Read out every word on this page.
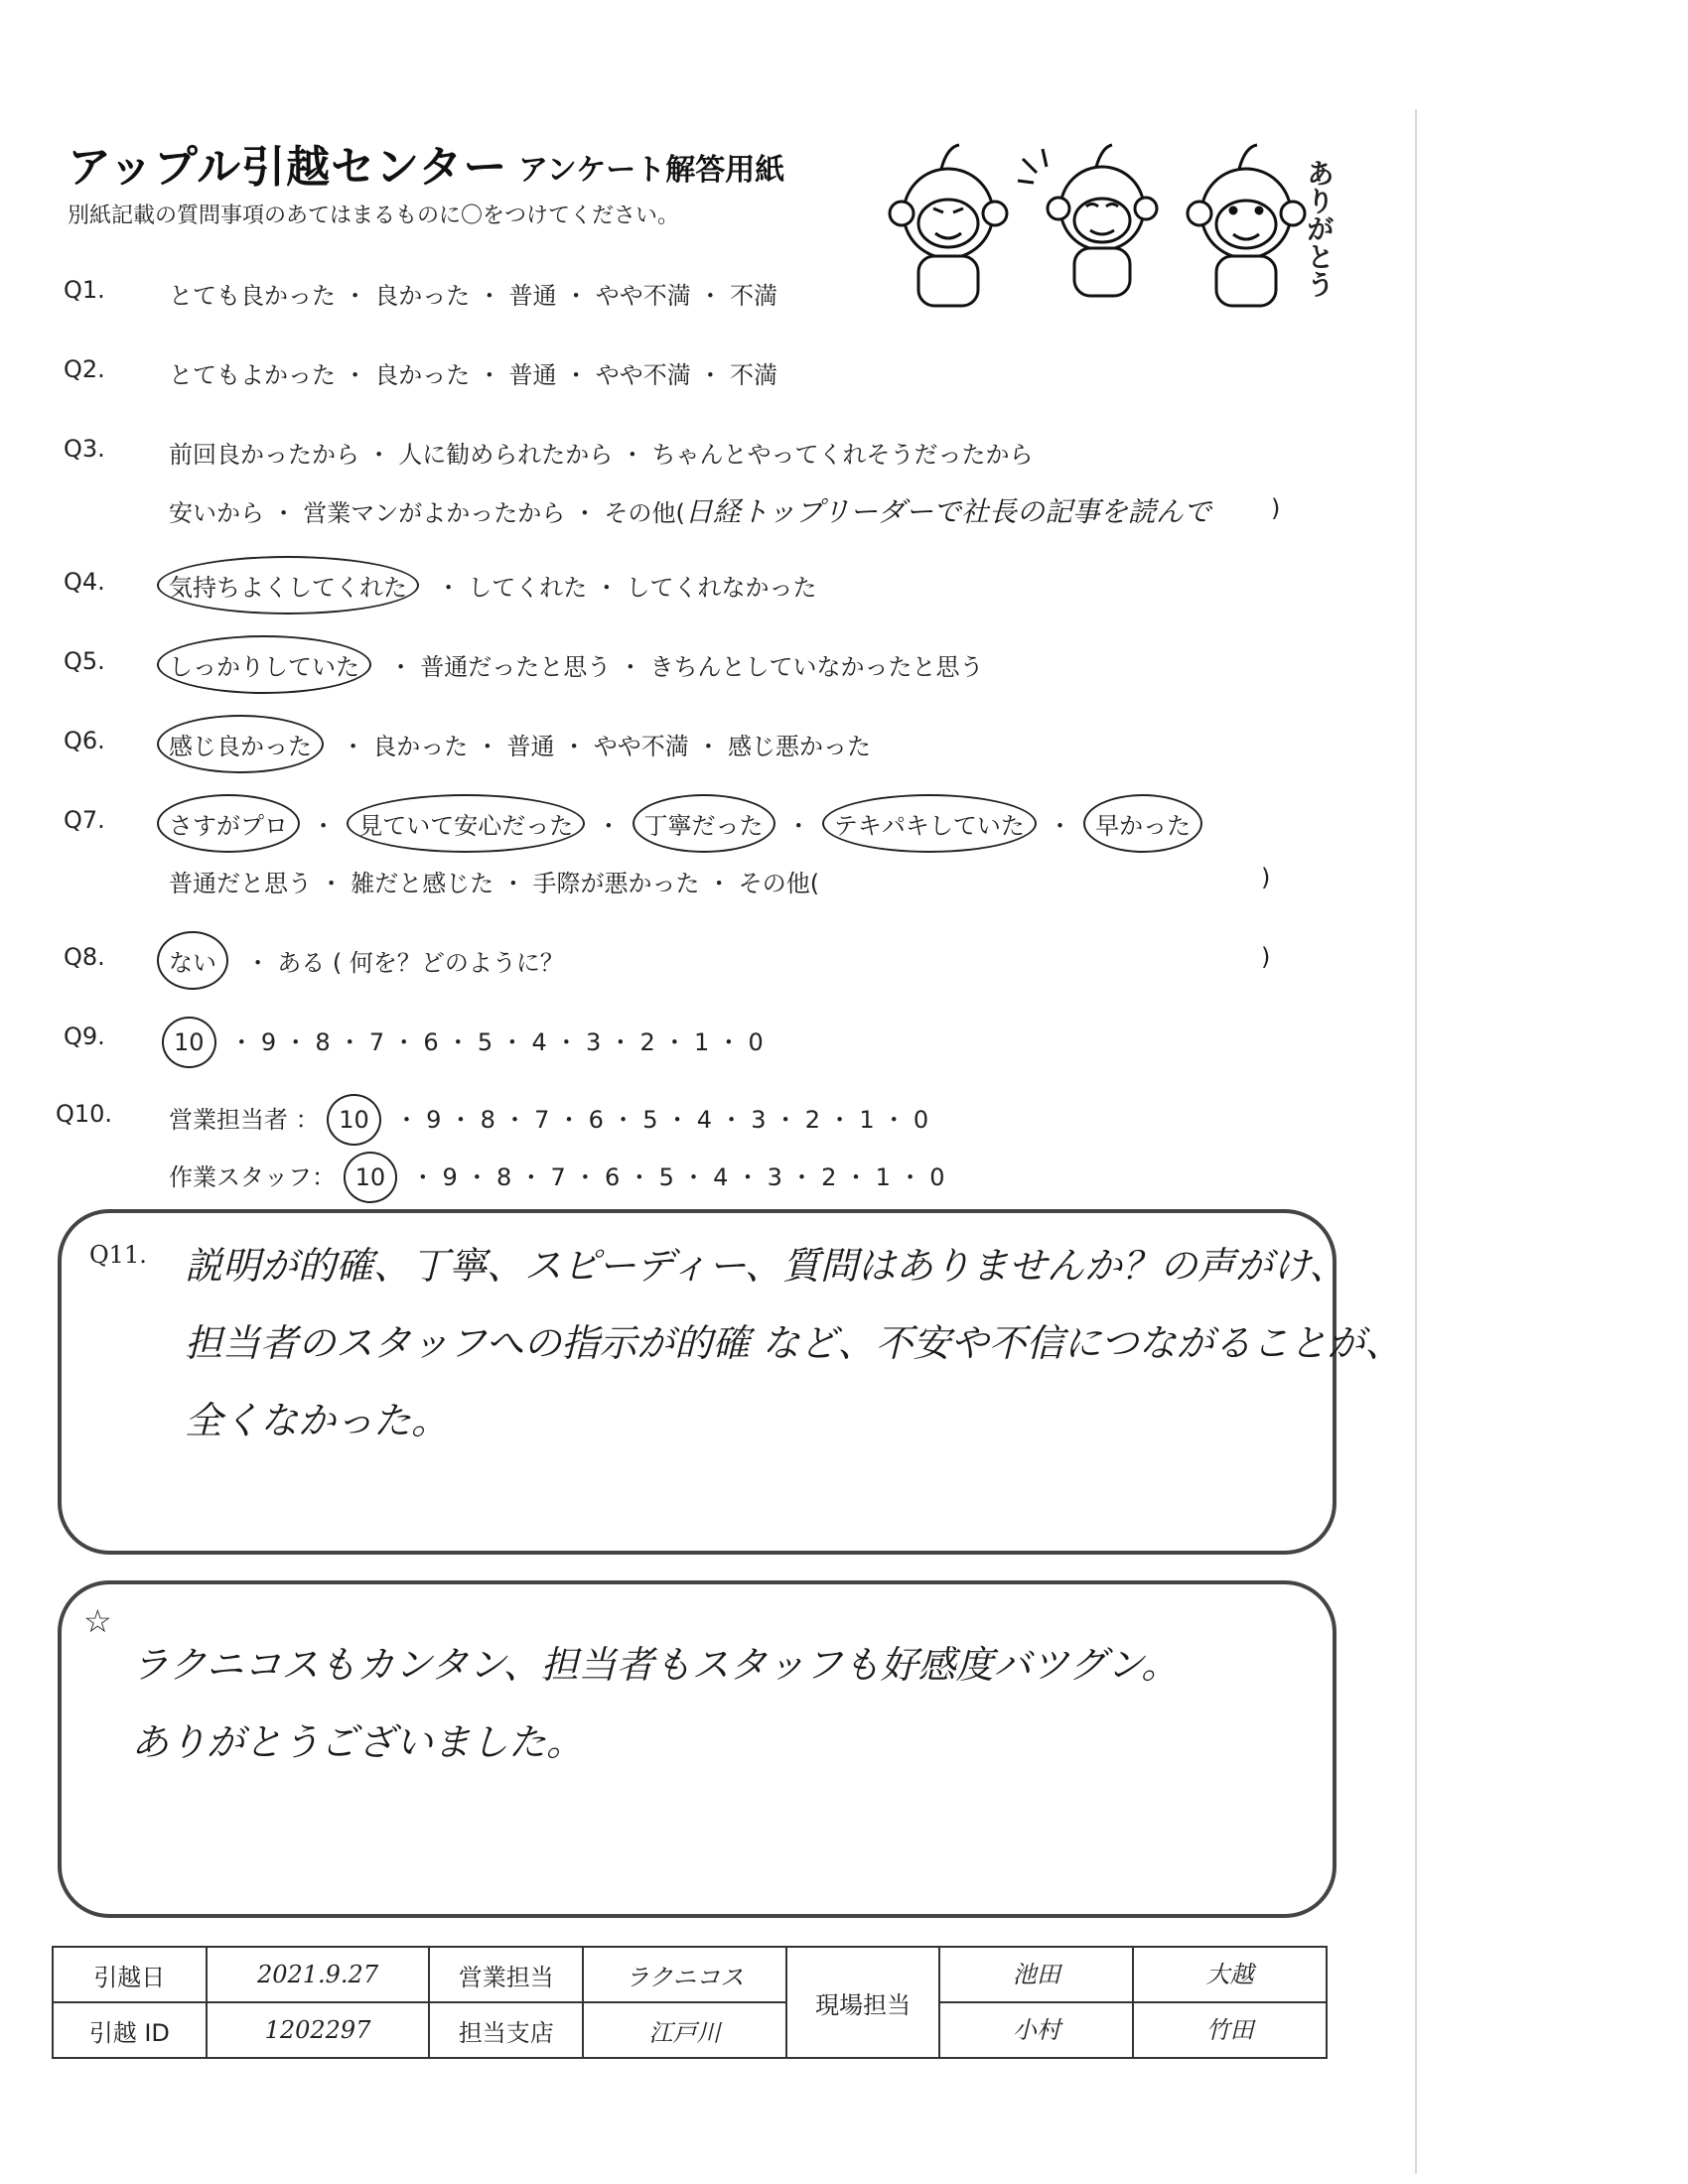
アップル引越センター アンケート解答用紙
別紙記載の質問事項のあてはまるものに〇をつけてください。	ありがとう
Q1.	とても良かった ・ 良かった ・ 普通 ・ やや不満 ・ 不満
Q2.	とてもよかった ・ 良かった ・ 普通 ・ やや不満 ・ 不満
Q3.	前回良かったから ・ 人に勧められたから ・ ちゃんとやってくれそうだったから
安いから ・ 営業マンがよかったから ・ その他(日経トップリーダーで社長の記事を読んで	)
Q4.	気持ちよくしてくれた ・ してくれた ・ してくれなかった
Q5.	しっかりしていた ・ 普通だったと思う ・ きちんとしていなかったと思う
Q6.	感じ良かった ・ 良かった ・ 普通 ・ やや不満 ・ 感じ悪かった
Q7.	さすがプロ ・ 見ていて安心だった ・ 丁寧だった ・ テキパキしていた ・ 早かった
普通だと思う ・ 雑だと感じた ・ 手際が悪かった ・ その他(	)
Q8.	ない ・ ある ( 何を？どのように？	)
Q9.	10 ・ 9 ・ 8 ・ 7 ・ 6 ・ 5 ・ 4 ・ 3 ・ 2 ・ 1 ・ 0
Q10. 営業担当者 ： 10 ・ 9 ・ 8 ・ 7 ・ 6 ・ 5 ・ 4 ・ 3 ・ 2 ・ 1 ・ 0
作業スタッフ： 10 ・ 9 ・ 8 ・ 7 ・ 6 ・ 5 ・ 4 ・ 3 ・ 2 ・ 1 ・ 0
Q11. 説明が的確、丁寧、スピーディー、質問はありませんか？の声がけ、
担当者のスタッフへの指示が的確 など、不安や不信につながることが、
全くなかった。
☆
ラクニコスもカンタン、担当者もスタッフも好感度バツグン。
ありがとうございました。
引越日	2021.9.27	営業担当	ラクニコス	現場担当	池田	大越
引越 ID	1202297	担当支店	江戸川		小村	竹田
